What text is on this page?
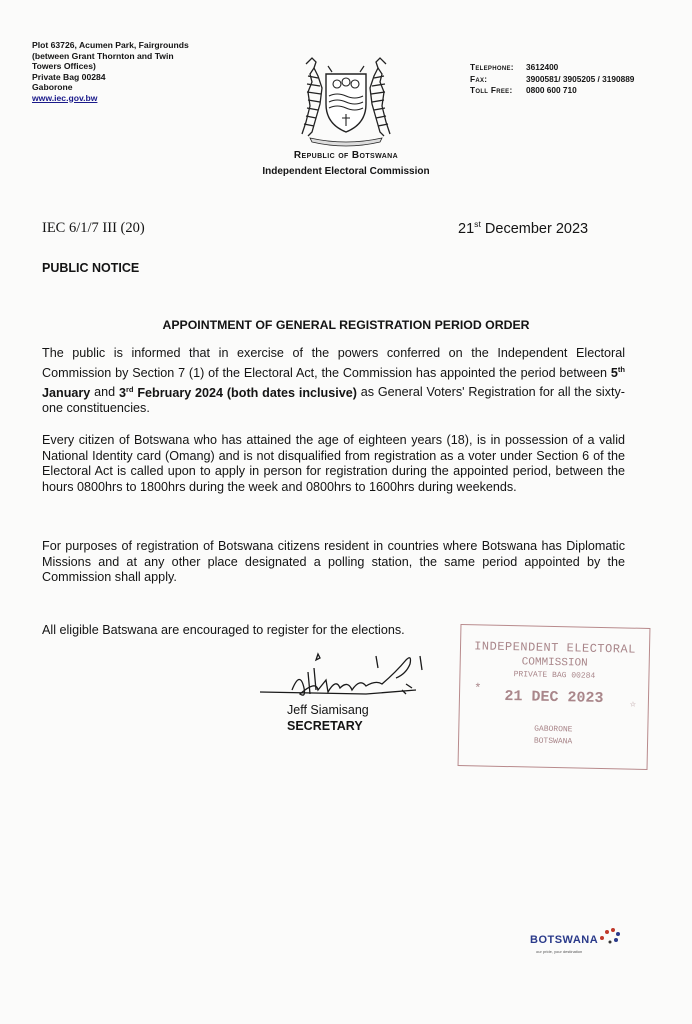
Plot 63726, Acumen Park, Fairgrounds
(between Grant Thornton and Twin
Towers Offices)
Private Bag 00284
Gaborone
www.iec.gov.bw
Telephone: 3612400
Fax:	3900581/ 3905205 / 3190889
Toll Free: 0800 600 710
Republic of Botswana
Independent Electoral Commission
IEC 6/1/7 III (20)	21st December 2023
PUBLIC NOTICE
APPOINTMENT OF GENERAL REGISTRATION PERIOD ORDER
The public is informed that in exercise of the powers conferred on the Independent Electoral Commission by Section 7 (1) of the Electoral Act, the Commission has appointed the period between 5th January and 3rd February 2024 (both dates inclusive) as General Voters' Registration for all the sixty-one constituencies.
Every citizen of Botswana who has attained the age of eighteen years (18), is in possession of a valid National Identity card (Omang) and is not disqualified from registration as a voter under Section 6 of the Electoral Act is called upon to apply in person for registration during the appointed period, between the hours 0800hrs to 1800hrs during the week and 0800hrs to 1600hrs during weekends.
For purposes of registration of Botswana citizens resident in countries where Botswana has Diplomatic Missions and at any other place designated a polling station, the same period appointed by the Commission shall apply.
All eligible Batswana are encouraged to register for the elections.
Jeff Siamisang
SECRETARY
INDEPENDENT ELECTORAL
COMMISSION
PRIVATE BAG 00284
*	21 DEC 2023	☆
GABORONE
BOTSWANA
BOTSWANA
our pride, your destination
